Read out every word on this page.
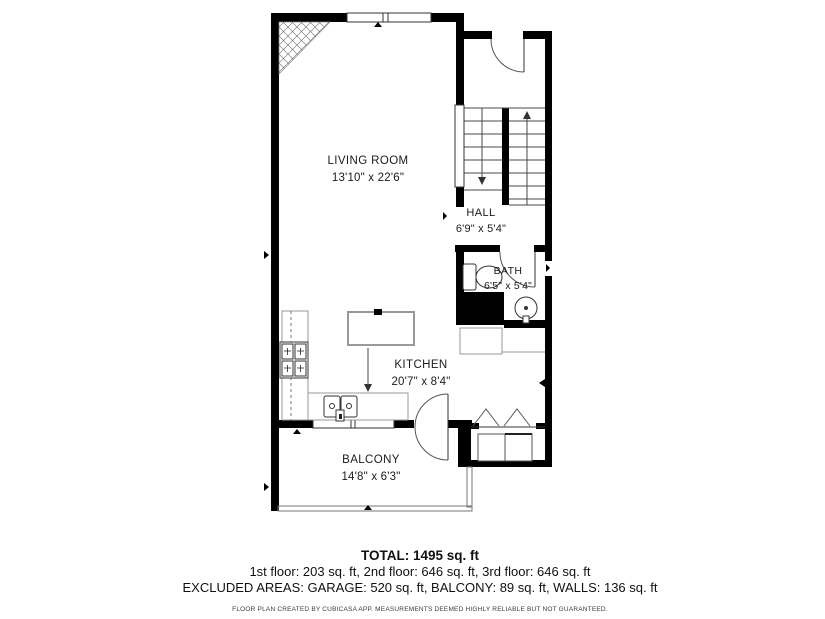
LIVING ROOM
13'10" x 22'6"
HALL
6'9" x 5'4"
BATH
6'5" x 5'4"
KITCHEN
20'7" x 8'4"
BALCONY
14'8" x 6'3"
TOTAL: 1495 sq. ft
1st floor: 203 sq. ft, 2nd floor: 646 sq. ft, 3rd floor: 646 sq. ft
EXCLUDED AREAS: GARAGE: 520 sq. ft, BALCONY: 89 sq. ft, WALLS: 136 sq. ft
FLOOR PLAN CREATED BY CUBICASA APP. MEASUREMENTS DEEMED HIGHLY RELIABLE BUT NOT GUARANTEED.
